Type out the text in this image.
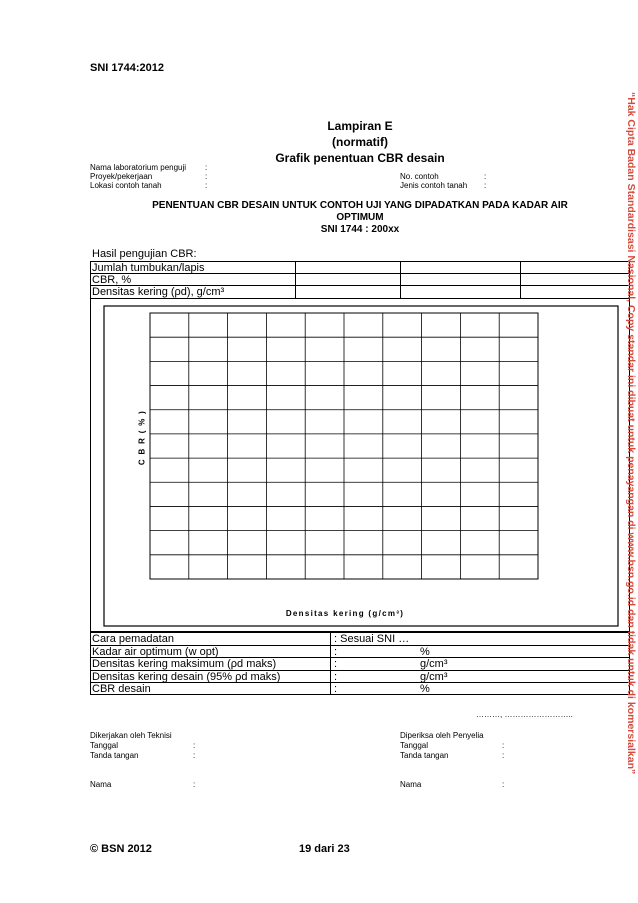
SNI 1744:2012
Lampiran E
(normatif)
Grafik penentuan CBR desain
Nama laboratorium penguji :
Proyek/pekerjaan	:
Lokasi contoh tanah	:
No. contoh	:
Jenis contoh tanah :
PENENTUAN CBR DESAIN UNTUK CONTOH UJI YANG DIPADATKAN PADA KADAR AIR
OPTIMUM
SNI 1744 : 200xx
Hasil pengujian CBR:
Jumlah tumbukan/lapis
CBR, %
Densitas kering (ρd), g/cm³
C B R ( % )
Densitas kering (g/cm³)
Cara pemadatan	: Sesuai SNI …
Kadar air optimum (w opt)	:	%
Densitas kering maksimum (ρd maks)	:	g/cm³
Densitas kering desain (95% ρd maks)	:	g/cm³
CBR desain	:	%
………, ……………………..
Dikerjakan oleh Teknisi
Tanggal	:
Tanda tangan	:
Nama	:
Diperiksa oleh Penyelia
Tanggal	:
Tanda tangan	:
Nama	:
© BSN 2012	19 dari 23
“Hak Cipta Badan Standardisasi Nasional, Copy standar ini dibuat untuk penayangan di www.bsn.go.id dan tidak untuk di komersialkan”
